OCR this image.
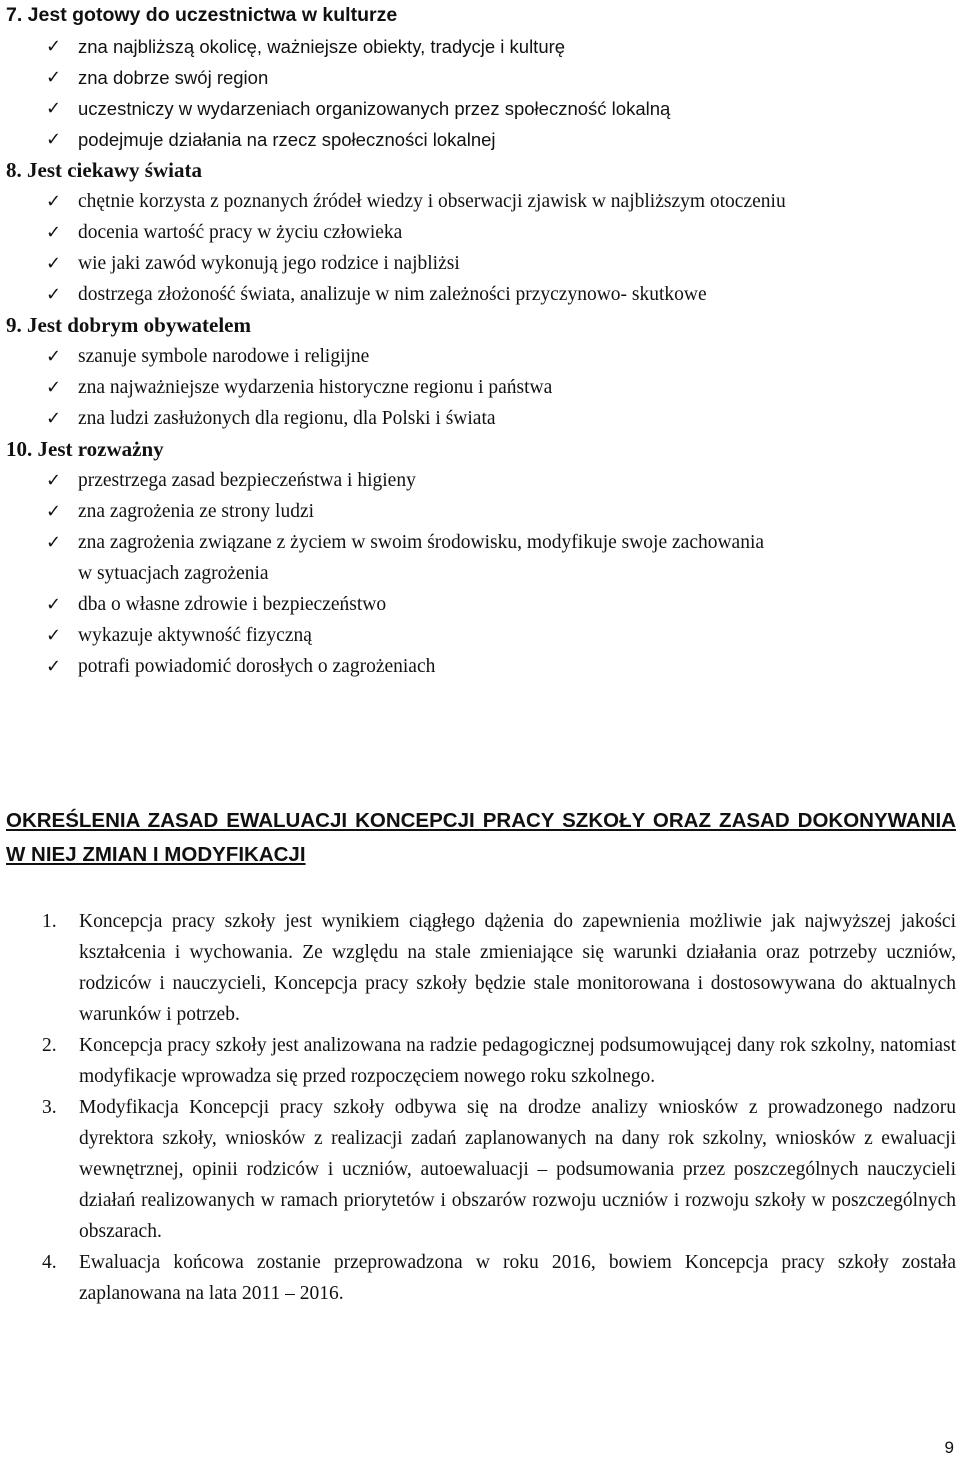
7. Jest gotowy do uczestnictwa w kulturze
✓ zna najbliższą okolicę, ważniejsze obiekty, tradycje i kulturę
✓ zna dobrze swój region
✓ uczestniczy w wydarzeniach organizowanych przez społeczność lokalną
✓ podejmuje działania na rzecz społeczności lokalnej
8. Jest ciekawy świata
✓ chętnie korzysta z poznanych źródeł wiedzy i obserwacji zjawisk w najbliższym otoczeniu
✓ docenia wartość pracy w życiu człowieka
✓ wie jaki zawód wykonują jego rodzice i najbliżsi
✓ dostrzega złożoność świata, analizuje w nim zależności przyczynowo- skutkowe
9. Jest dobrym obywatelem
✓ szanuje symbole narodowe i religijne
✓ zna najważniejsze wydarzenia historyczne regionu i państwa
✓ zna ludzi zasłużonych dla regionu, dla Polski i świata
10. Jest rozważny
✓ przestrzega zasad bezpieczeństwa i higieny
✓ zna zagrożenia ze strony ludzi
✓ zna zagrożenia związane z życiem w swoim środowisku, modyfikuje swoje zachowania
w sytuacjach zagrożenia
✓ dba o własne zdrowie i bezpieczeństwo
✓ wykazuje aktywność fizyczną
✓ potrafi powiadomić dorosłych o zagrożeniach
OKREŚLENIA ZASAD EWALUACJI KONCEPCJI PRACY SZKOŁY ORAZ ZASAD DOKONYWANIA W NIEJ ZMIAN I MODYFIKACJI
1. Koncepcja pracy szkoły jest wynikiem ciągłego dążenia do zapewnienia możliwie jak najwyższej jakości kształcenia i wychowania. Ze względu na stale zmieniające się warunki działania oraz potrzeby uczniów, rodziców i nauczycieli, Koncepcja pracy szkoły będzie stale monitorowana i dostosowywana do aktualnych warunków i potrzeb.
2. Koncepcja pracy szkoły jest analizowana na radzie pedagogicznej podsumowującej dany rok szkolny, natomiast modyfikacje wprowadza się przed rozpoczęciem nowego roku szkolnego.
3. Modyfikacja Koncepcji pracy szkoły odbywa się na drodze analizy wniosków z prowadzonego nadzoru dyrektora szkoły, wniosków z realizacji zadań zaplanowanych na dany rok szkolny, wniosków z ewaluacji wewnętrznej, opinii rodziców i uczniów, autoewaluacji – podsumowania przez poszczególnych nauczycieli działań realizowanych w ramach priorytetów i obszarów rozwoju uczniów i rozwoju szkoły w poszczególnych obszarach.
4. Ewaluacja końcowa zostanie przeprowadzona w roku 2016, bowiem Koncepcja pracy szkoły została zaplanowana na lata 2011 – 2016.
9
